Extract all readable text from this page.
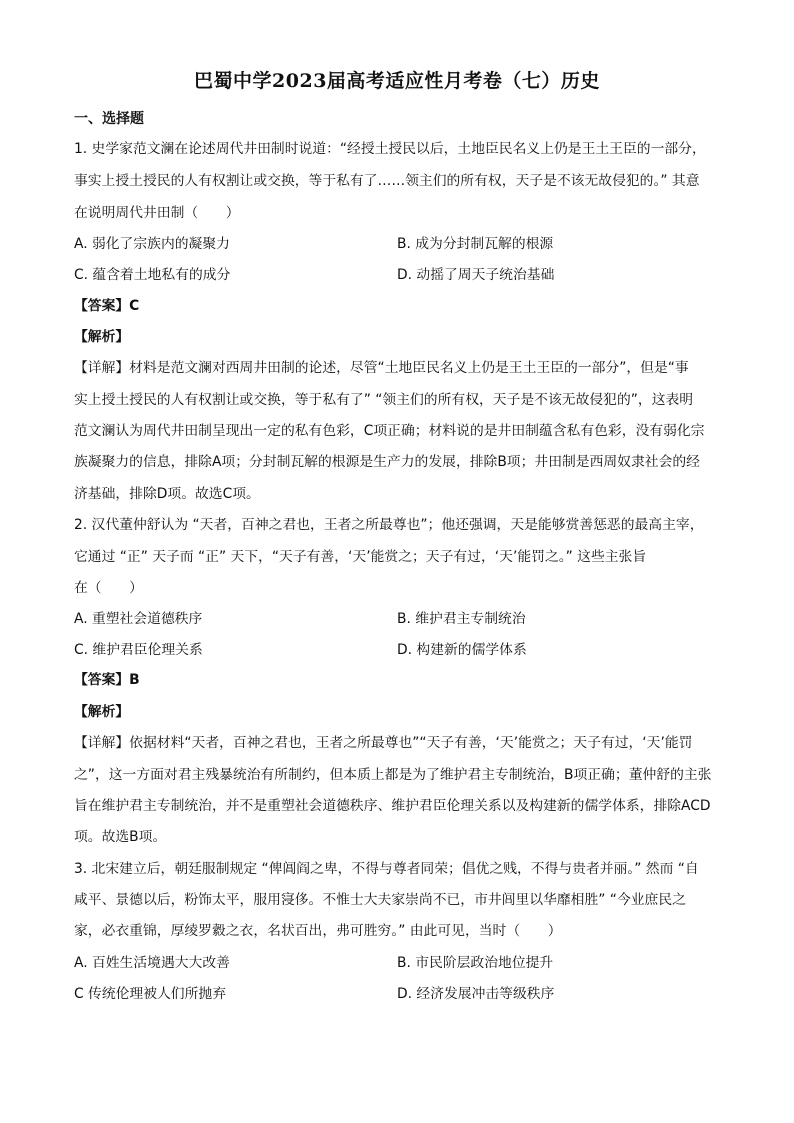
巴蜀中学2023届高考适应性月考卷（七）历史
一、选择题
1. 史学家范文澜在论述周代井田制时说道：“经授土授民以后，土地臣民名义上仍是王土王臣的一部分，
事实上授土授民的人有权割让或交换，等于私有了……领主们的所有权，天子是不该无故侵犯的。” 其意
在说明周代井田制（　　）
A. 弱化了宗族内的凝聚力	B. 成为分封制瓦解的根源
C. 蕴含着土地私有的成分	D. 动摇了周天子统治基础
【答案】C
【解析】
【详解】材料是范文澜对西周井田制的论述，尽管“土地臣民名义上仍是王土王臣的一部分”，但是“事
实上授土授民的人有权割让或交换，等于私有了” “领主们的所有权，天子是不该无故侵犯的”，这表明
范文澜认为周代井田制呈现出一定的私有色彩，C项正确；材料说的是井田制蕴含私有色彩，没有弱化宗
族凝聚力的信息，排除A项；分封制瓦解的根源是生产力的发展，排除B项；井田制是西周奴隶社会的经
济基础，排除D项。故选C项。
2. 汉代董仲舒认为 “天者，百神之君也，王者之所最尊也”；他还强调，天是能够赏善惩恶的最高主宰，
它通过 “正” 天子而 “正” 天下，“天子有善，‘天’能赏之；天子有过，‘天’能罚之。” 这些主张旨
在（　　）
A. 重塑社会道德秩序	B. 维护君主专制统治
C. 维护君臣伦理关系	D. 构建新的儒学体系
【答案】B
【解析】
【详解】依据材料“天者，百神之君也，王者之所最尊也”“天子有善，‘天’能赏之；天子有过，‘天’能罚
之”，这一方面对君主残暴统治有所制约，但本质上都是为了维护君主专制统治，B项正确；董仲舒的主张
旨在维护君主专制统治，并不是重塑社会道德秩序、维护君臣伦理关系以及构建新的儒学体系，排除ACD
项。故选B项。
3. 北宋建立后，朝廷服制规定 “俾阊阎之卑，不得与尊者同荣；倡优之贱，不得与贵者并丽。” 然而 “自
咸平、景德以后，粉饰太平，服用寖侈。不惟士大夫家崇尚不已，市井闾里以华靡相胜” “今业庶民之
家，必衣重锦，厚绫罗縠之衣，名状百出，弗可胜穷。” 由此可见，当时（　　）
A. 百姓生活境遇大大改善	B. 市民阶层政治地位提升
C 传统伦理被人们所抛弃	D. 经济发展冲击等级秩序
